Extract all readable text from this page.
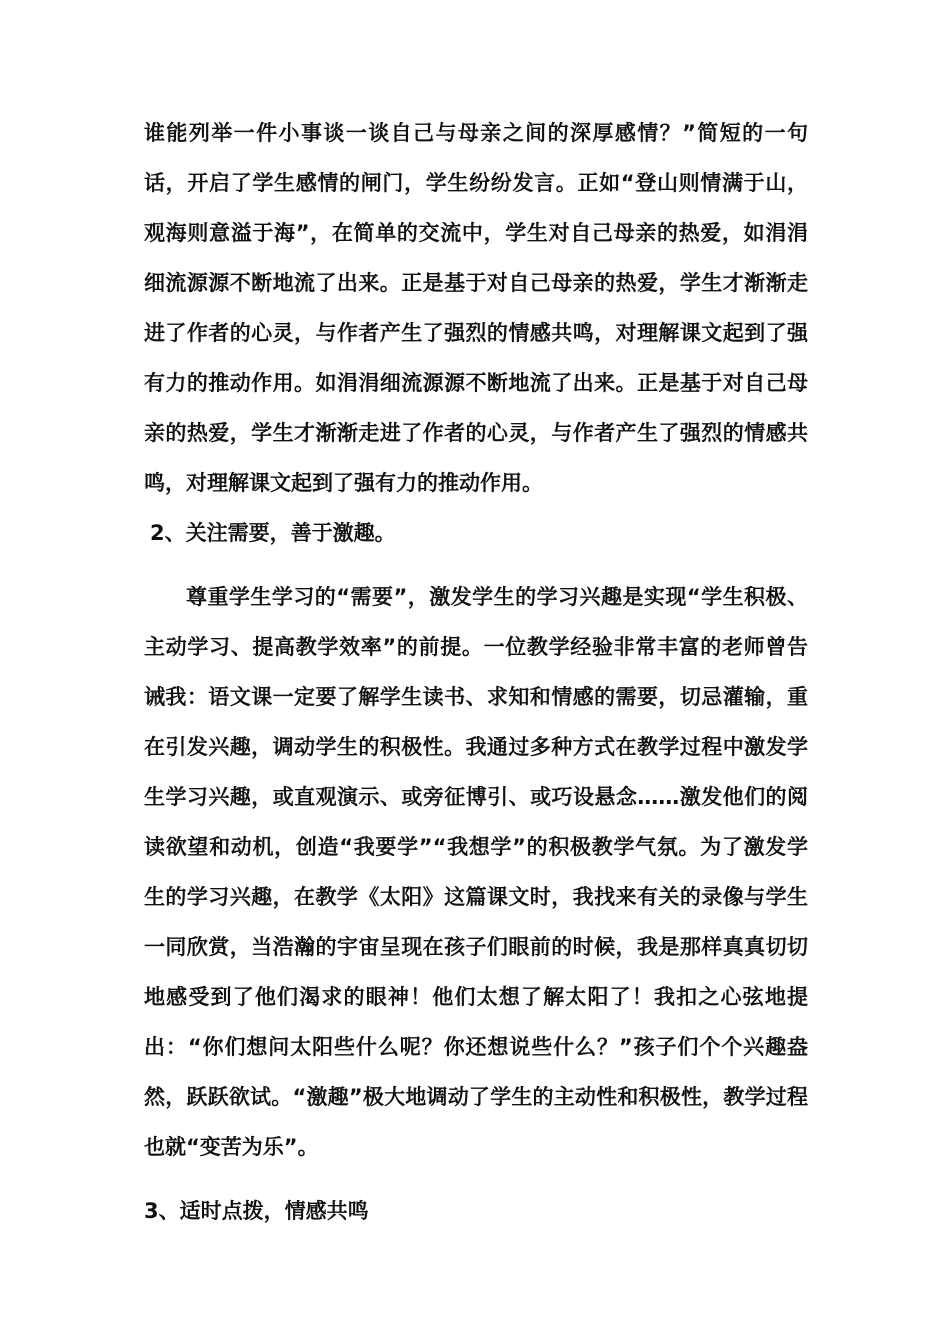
谁能列举一件小事谈一谈自己与母亲之间的深厚感情？”简短的一句话，开启了学生感情的闸门，学生纷纷发言。正如“登山则情满于山，观海则意溢于海”，在简单的交流中，学生对自己母亲的热爱，如涓涓细流源源不断地流了出来。正是基于对自己母亲的热爱，学生才渐渐走进了作者的心灵，与作者产生了强烈的情感共鸣，对理解课文起到了强有力的推动作用。如涓涓细流源源不断地流了出来。正是基于对自己母亲的热爱，学生才渐渐走进了作者的心灵，与作者产生了强烈的情感共鸣，对理解课文起到了强有力的推动作用。

2、关注需要，善于激趣。

尊重学生学习的“需要”，激发学生的学习兴趣是实现“学生积极、主动学习、提高教学效率”的前提。一位教学经验非常丰富的老师曾告诫我：语文课一定要了解学生读书、求知和情感的需要，切忌灌输，重在引发兴趣，调动学生的积极性。我通过多种方式在教学过程中激发学生学习兴趣，或直观演示、或旁征博引、或巧设悬念……激发他们的阅读欲望和动机，创造“我要学”“我想学”的积极教学气氛。为了激发学生的学习兴趣，在教学《太阳》这篇课文时，我找来有关的录像与学生一同欣赏，当浩瀚的宇宙呈现在孩子们眼前的时候，我是那样真真切切地感受到了他们渴求的眼神！他们太想了解太阳了！我扣之心弦地提出：“你们想问太阳些什么呢？你还想说些什么？”孩子们个个兴趣盎然，跃跃欲试。“激趣”极大地调动了学生的主动性和积极性，教学过程也就“变苦为乐”。

3、适时点拨，情感共鸣
